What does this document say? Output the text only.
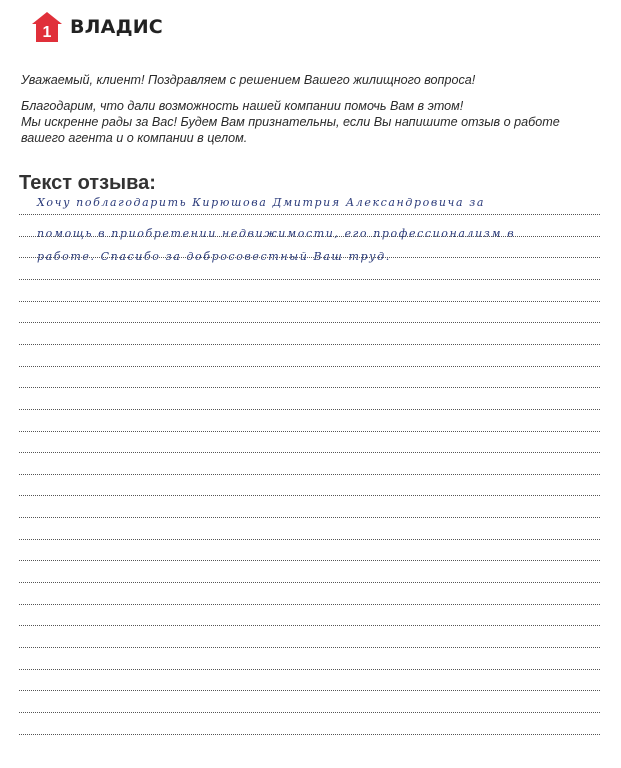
1 ВЛАДИС
Уважаемый, клиент! Поздравляем с решением Вашего жилищного вопроса!
Благодарим, что дали возможность нашей компании помочь Вам в этом!
Мы искренне рады за Вас! Будем Вам признательны, если Вы напишите отзыв о работе
вашего агента и о компании в целом.
Текст отзыва:
Хочу поблагодарить Кирюшова Дмитрия Александровича за
помощь в приобретении недвижимости, его профессионализм в
работе. Спасибо за добросовестный Ваш труд.
